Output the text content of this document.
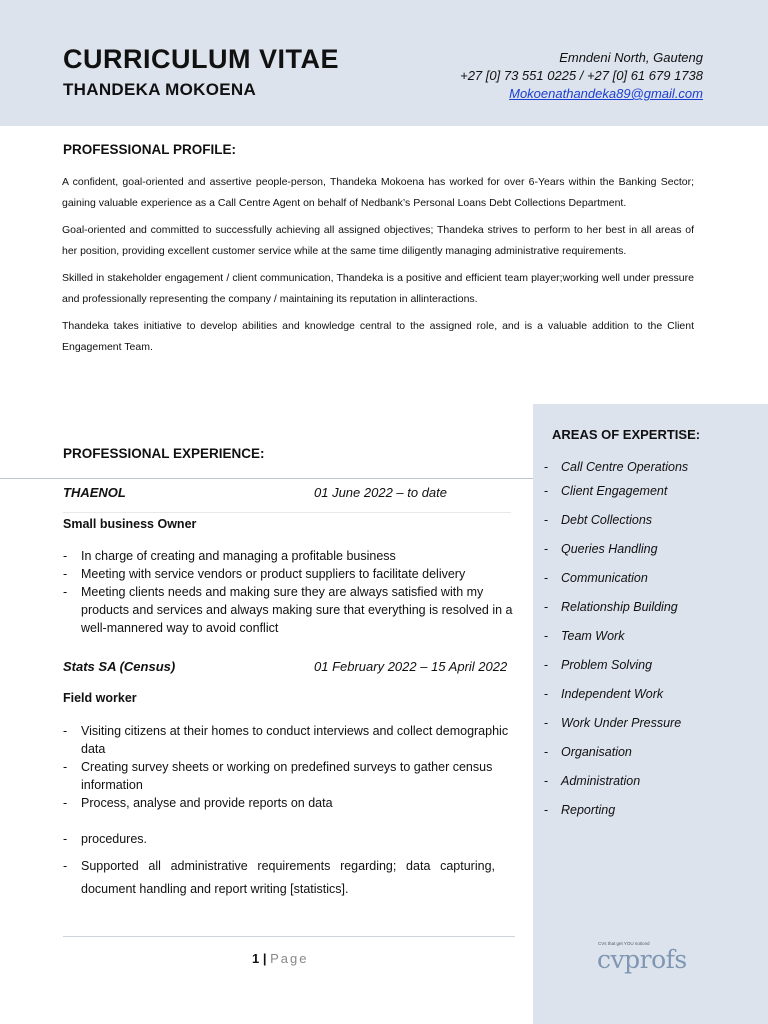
CURRICULUM VITAE
THANDEKA MOKOENA
Emndeni North, Gauteng
+27 [0] 73 551 0225 / +27 [0] 61 679 1738
Mokoenathandeka89@gmail.com
PROFESSIONAL PROFILE:

A confident, goal-oriented and assertive people-person, Thandeka Mokoena has worked for over 6-Years within the Banking Sector; gaining valuable experience as a Call Centre Agent on behalf of Nedbank’s Personal Loans Debt Collections Department.

Goal-oriented and committed to successfully achieving all assigned objectives; Thandeka strives to perform to her best in all areas of her position, providing excellent customer service while at the same time diligently managing administrative requirements.

Skilled in stakeholder engagement / client communication, Thandeka is a positive and efficient team player;working well under pressure and professionally representing the company / maintaining its reputation in allinteractions.

Thandeka takes initiative to develop abilities and knowledge central to the assigned role, and is a valuable addition to the Client Engagement Team.

AREAS OF EXPERTISE:
- Call Centre Operations
- Client Engagement
- Debt Collections
- Queries Handling
- Communication
- Relationship Building
- Team Work
- Problem Solving
- Independent Work
- Work Under Pressure
- Organisation
- Administration
- Reporting
PROFESSIONAL EXPERIENCE:
THAENOL	01 June 2022 – to date
Small business Owner
- In charge of creating and managing a profitable business
- Meeting with service vendors or product suppliers to facilitate delivery
- Meeting clients needs and making sure they are always satisfied with my products and services and always making sure that everything is resolved in a well-mannered way to avoid conflict
Stats SA (Census)	01 February 2022 – 15 April 2022
Field worker
- Visiting citizens at their homes to conduct interviews and collect demographic data
- Creating survey sheets or working on predefined surveys to gather census information
- Process, analyse and provide reports on data
- procedures.
- Supported all administrative requirements regarding; data capturing, document handling and report writing [statistics].
1 | Page
CVs that get YOU noticed
cvprofs
